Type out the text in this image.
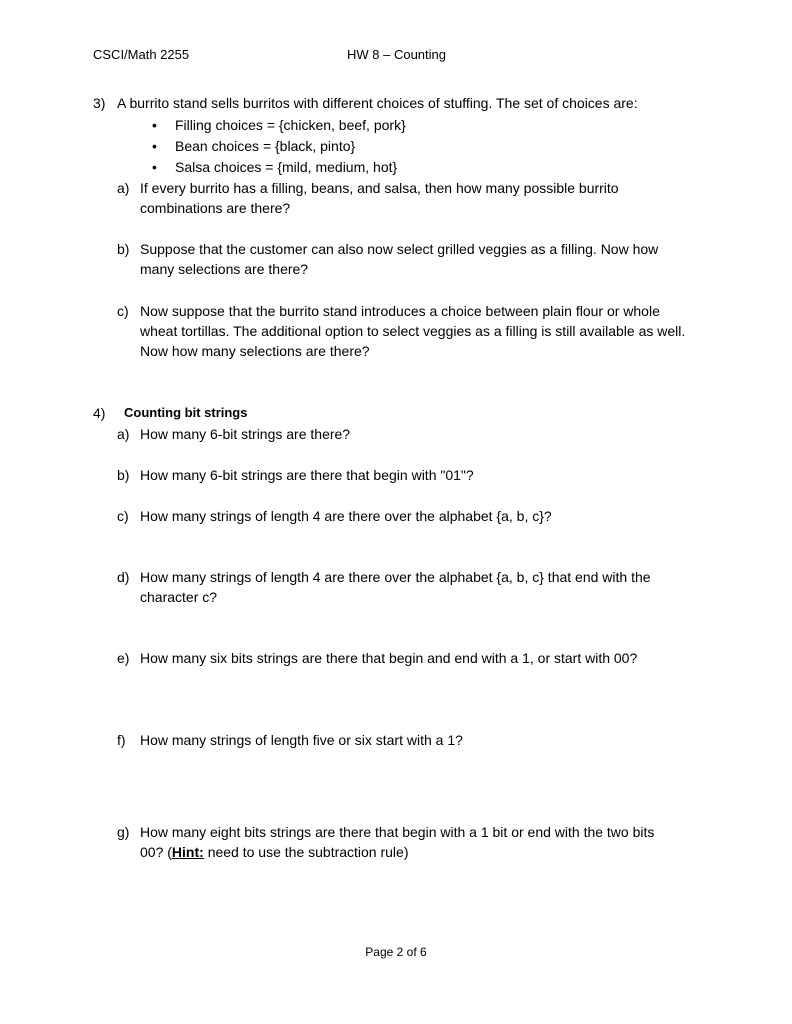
CSCI/Math 2255	HW 8 – Counting
3) A burrito stand sells burritos with different choices of stuffing. The set of choices are:
• Filling choices = {chicken, beef, pork}
• Bean choices = {black, pinto}
• Salsa choices = {mild, medium, hot}
a) If every burrito has a filling, beans, and salsa, then how many possible burrito
combinations are there?
b) Suppose that the customer can also now select grilled veggies as a filling. Now how
many selections are there?
c) Now suppose that the burrito stand introduces a choice between plain flour or whole
wheat tortillas. The additional option to select veggies as a filling is still available as well.
Now how many selections are there?
4) Counting bit strings
a) How many 6-bit strings are there?
b) How many 6-bit strings are there that begin with "01"?
c) How many strings of length 4 are there over the alphabet {a, b, c}?
d) How many strings of length 4 are there over the alphabet {a, b, c} that end with the
character c?
e) How many six bits strings are there that begin and end with a 1, or start with 00?
f) How many strings of length five or six start with a 1?
g) How many eight bits strings are there that begin with a 1 bit or end with the two bits
00? (Hint: need to use the subtraction rule)
Page 2 of 6
